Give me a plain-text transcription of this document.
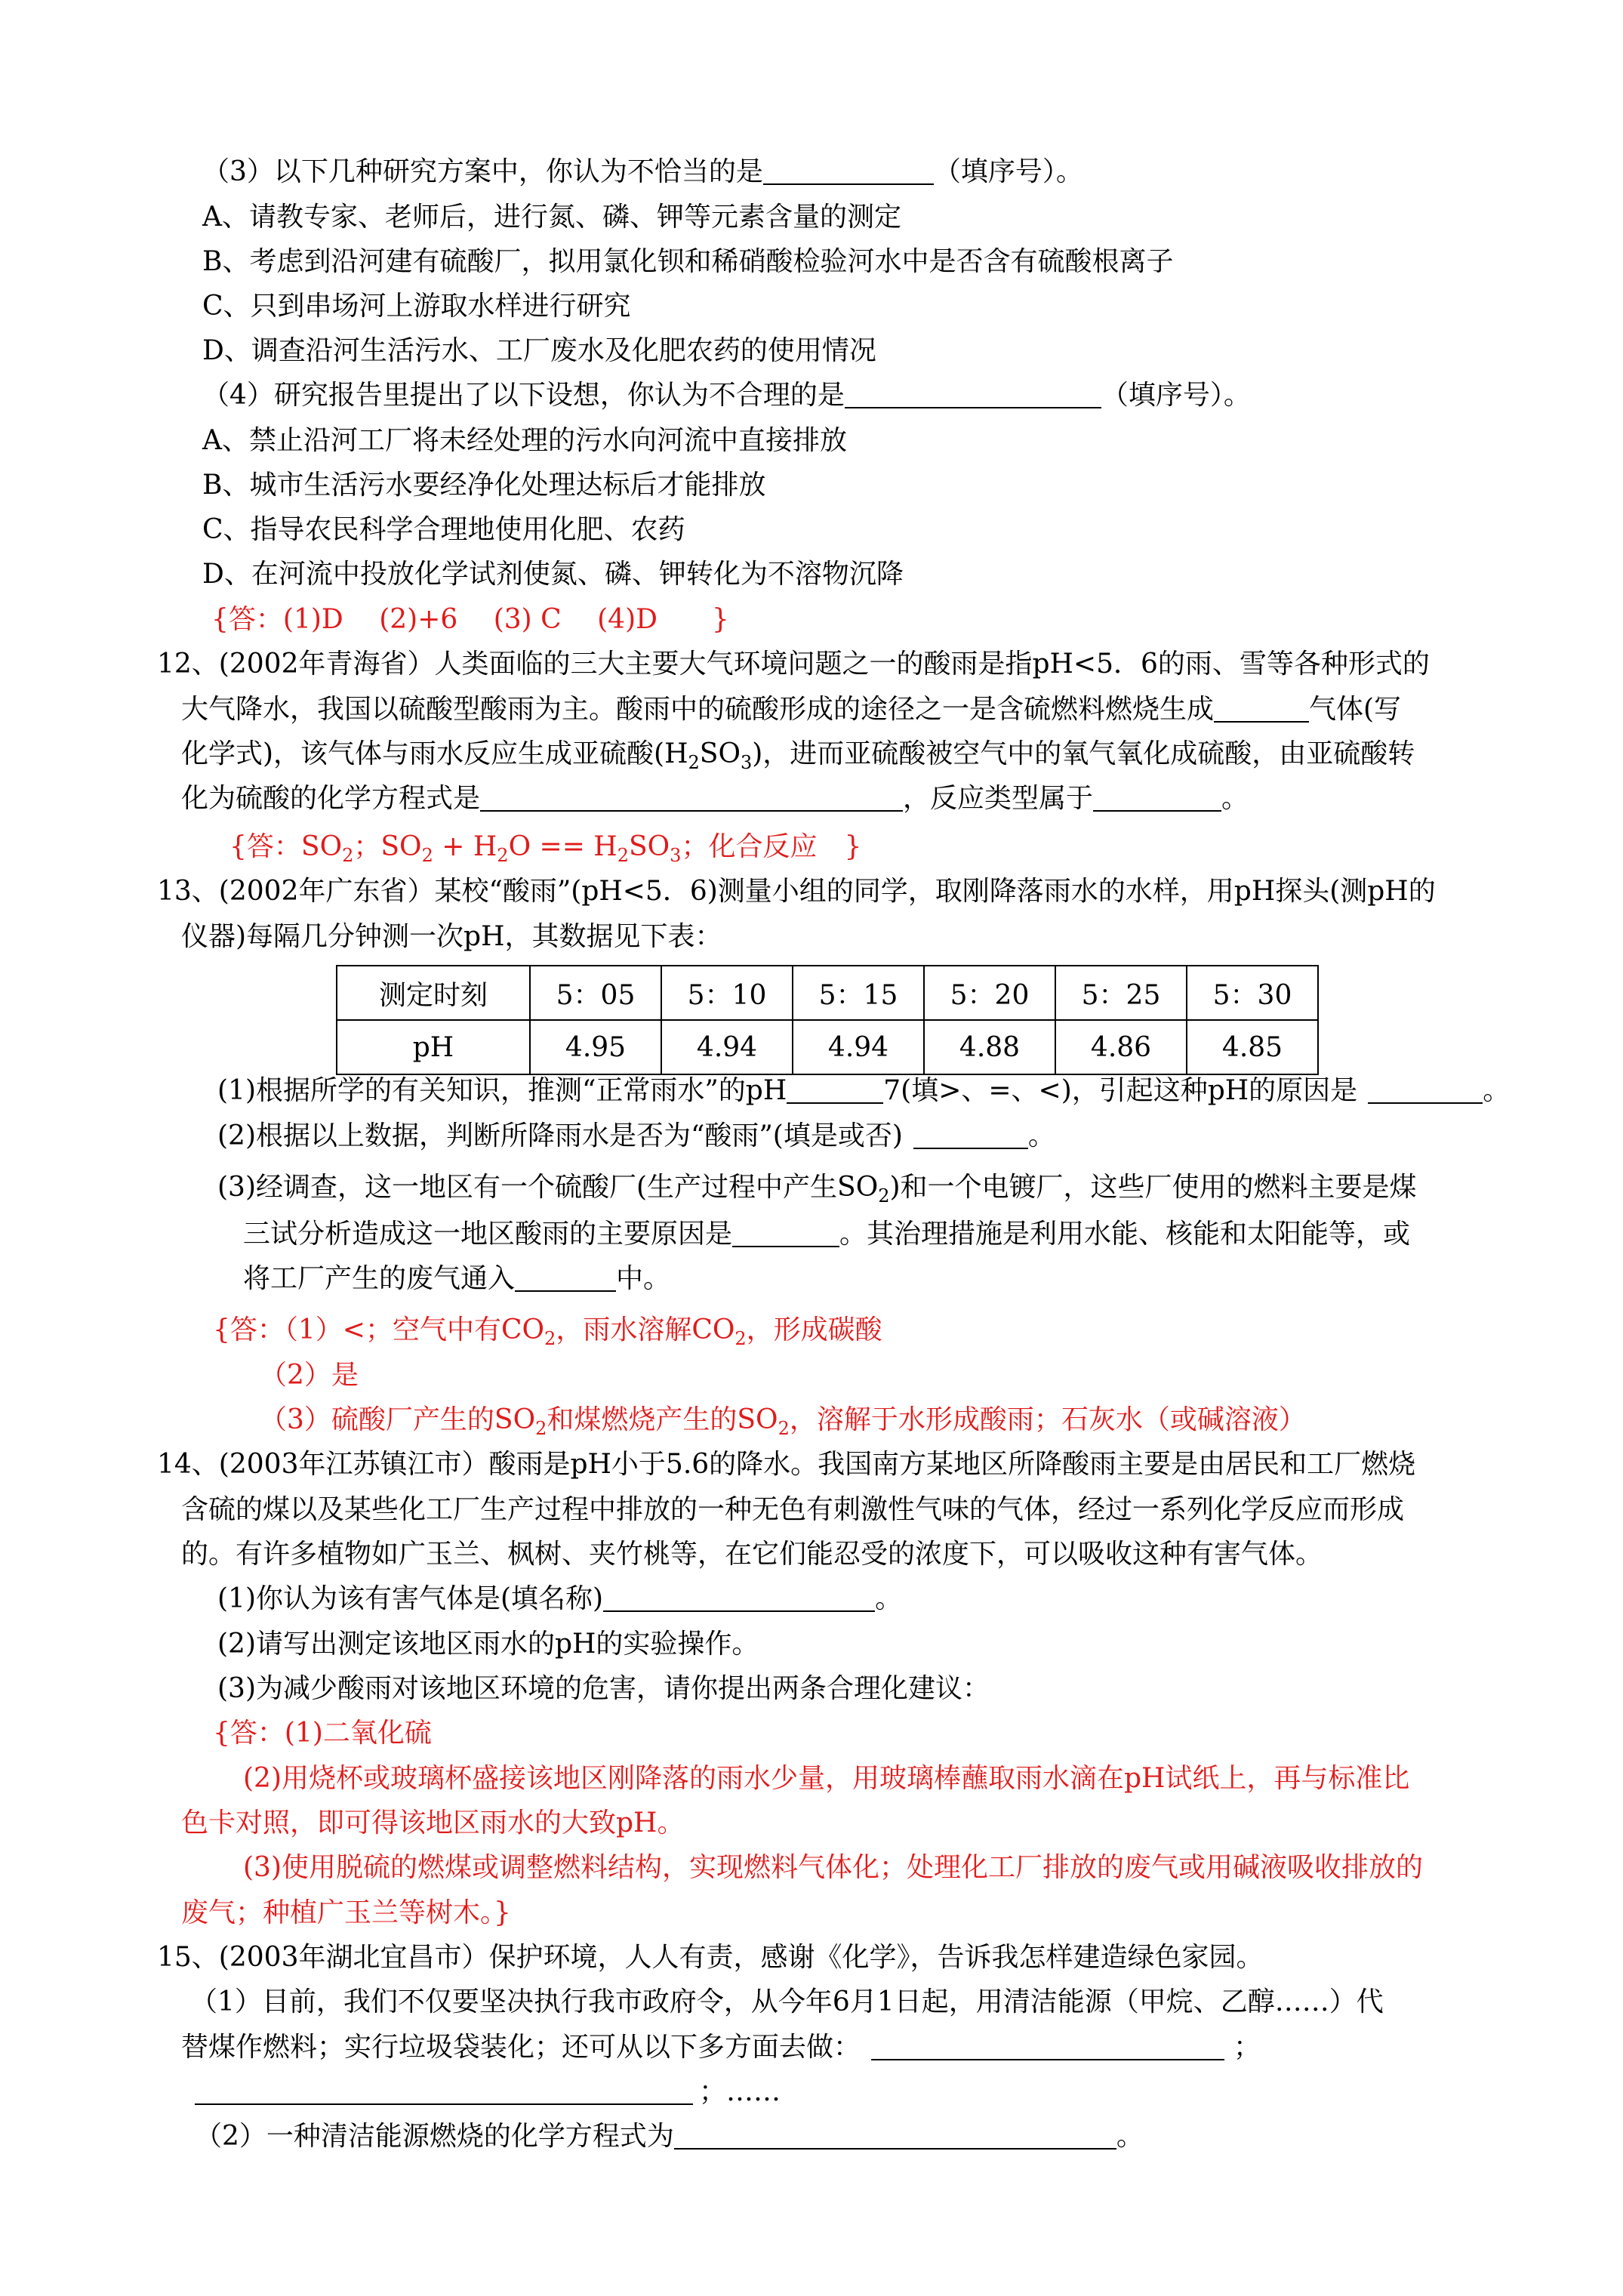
（3）以下几种研究方案中，你认为不恰当的是	（填序号）。
A、请教专家、老师后，进行氮、磷、钾等元素含量的测定
B、考虑到沿河建有硫酸厂，拟用氯化钡和稀硝酸检验河水中是否含有硫酸根离子
C、只到串场河上游取水样进行研究
D、调查沿河生活污水、工厂废水及化肥农药的使用情况
（4）研究报告里提出了以下设想，你认为不合理的是	（填序号）。
A、禁止沿河工厂将未经处理的污水向河流中直接排放
B、城市生活污水要经净化处理达标后才能排放
C、指导农民科学合理地使用化肥、农药
D、在河流中投放化学试剂使氮、磷、钾转化为不溶物沉降
{答：(1)D　 (2)+6　 (3) C　 (4)D　　}
12、(2002年青海省）人类面临的三大主要大气环境问题之一的酸雨是指pH<5．6的雨、雪等各种形式的
大气降水，我国以硫酸型酸雨为主。酸雨中的硫酸形成的途径之一是含硫燃料燃烧生成	气体(写
化学式)，该气体与雨水反应生成亚硫酸$(H_2SO_3)$，进而亚硫酸被空气中的氧气氧化成硫酸，由亚硫酸转
化为硫酸的化学方程式是	，反应类型属于	。
{答：$SO_2$；$SO_2 + H_2O == H_2SO_3$；化合反应　}
13、(2002年广东省）某校“酸雨”(pH<5．6)测量小组的同学，取刚降落雨水的水样，用pH探头(测pH的
仪器)每隔几分钟测一次pH，其数据见下表：
测定时刻	5：05	5：10	5：15	5：20	5：25	5：30
pH	4.95	4.94	4.94	4.88	4.86	4.85
(1)根据所学的有关知识，推测“正常雨水”的pH	7(填>、=、<)，引起这种pH的原因是	。
(2)根据以上数据，判断所降雨水是否为“酸雨”(填是或否)	。
(3)经调查，这一地区有一个硫酸厂(生产过程中产生$SO_2$)和一个电镀厂，这些厂使用的燃料主要是煤
三试分析造成这一地区酸雨的主要原因是	。其治理措施是利用水能、核能和太阳能等，或
将工厂产生的废气通入	中。
{答：（1）<；空气中有$CO_2$，雨水溶解$CO_2$，形成碳酸
（2）是
（3）硫酸厂产生的$SO_2$和煤燃烧产生的$SO_2$，溶解于水形成酸雨；石灰水（或碱溶液）
14、(2003年江苏镇江市）酸雨是pH小于5.6的降水。我国南方某地区所降酸雨主要是由居民和工厂燃烧
含硫的煤以及某些化工厂生产过程中排放的一种无色有刺激性气味的气体，经过一系列化学反应而形成
的。有许多植物如广玉兰、枫树、夹竹桃等，在它们能忍受的浓度下，可以吸收这种有害气体。
(1)你认为该有害气体是(填名称)	。
(2)请写出测定该地区雨水的pH的实验操作。
(3)为减少酸雨对该地区环境的危害，请你提出两条合理化建议：
{答：(1)二氧化硫
(2)用烧杯或玻璃杯盛接该地区刚降落的雨水少量，用玻璃棒蘸取雨水滴在pH试纸上，再与标准比
色卡对照，即可得该地区雨水的大致pH。
(3)使用脱硫的燃煤或调整燃料结构，实现燃料气体化；处理化工厂排放的废气或用碱液吸收排放的
废气；种植广玉兰等树木。}
15、(2003年湖北宜昌市）保护环境，人人有责，感谢《化学》，告诉我怎样建造绿色家园。
（1）目前，我们不仅要坚决执行我市政府令，从今年6月1日起，用清洁能源（甲烷、乙醇……）代
替煤作燃料；实行垃圾袋装化；还可从以下多方面去做：	；
；……
（2）一种清洁能源燃烧的化学方程式为	。
